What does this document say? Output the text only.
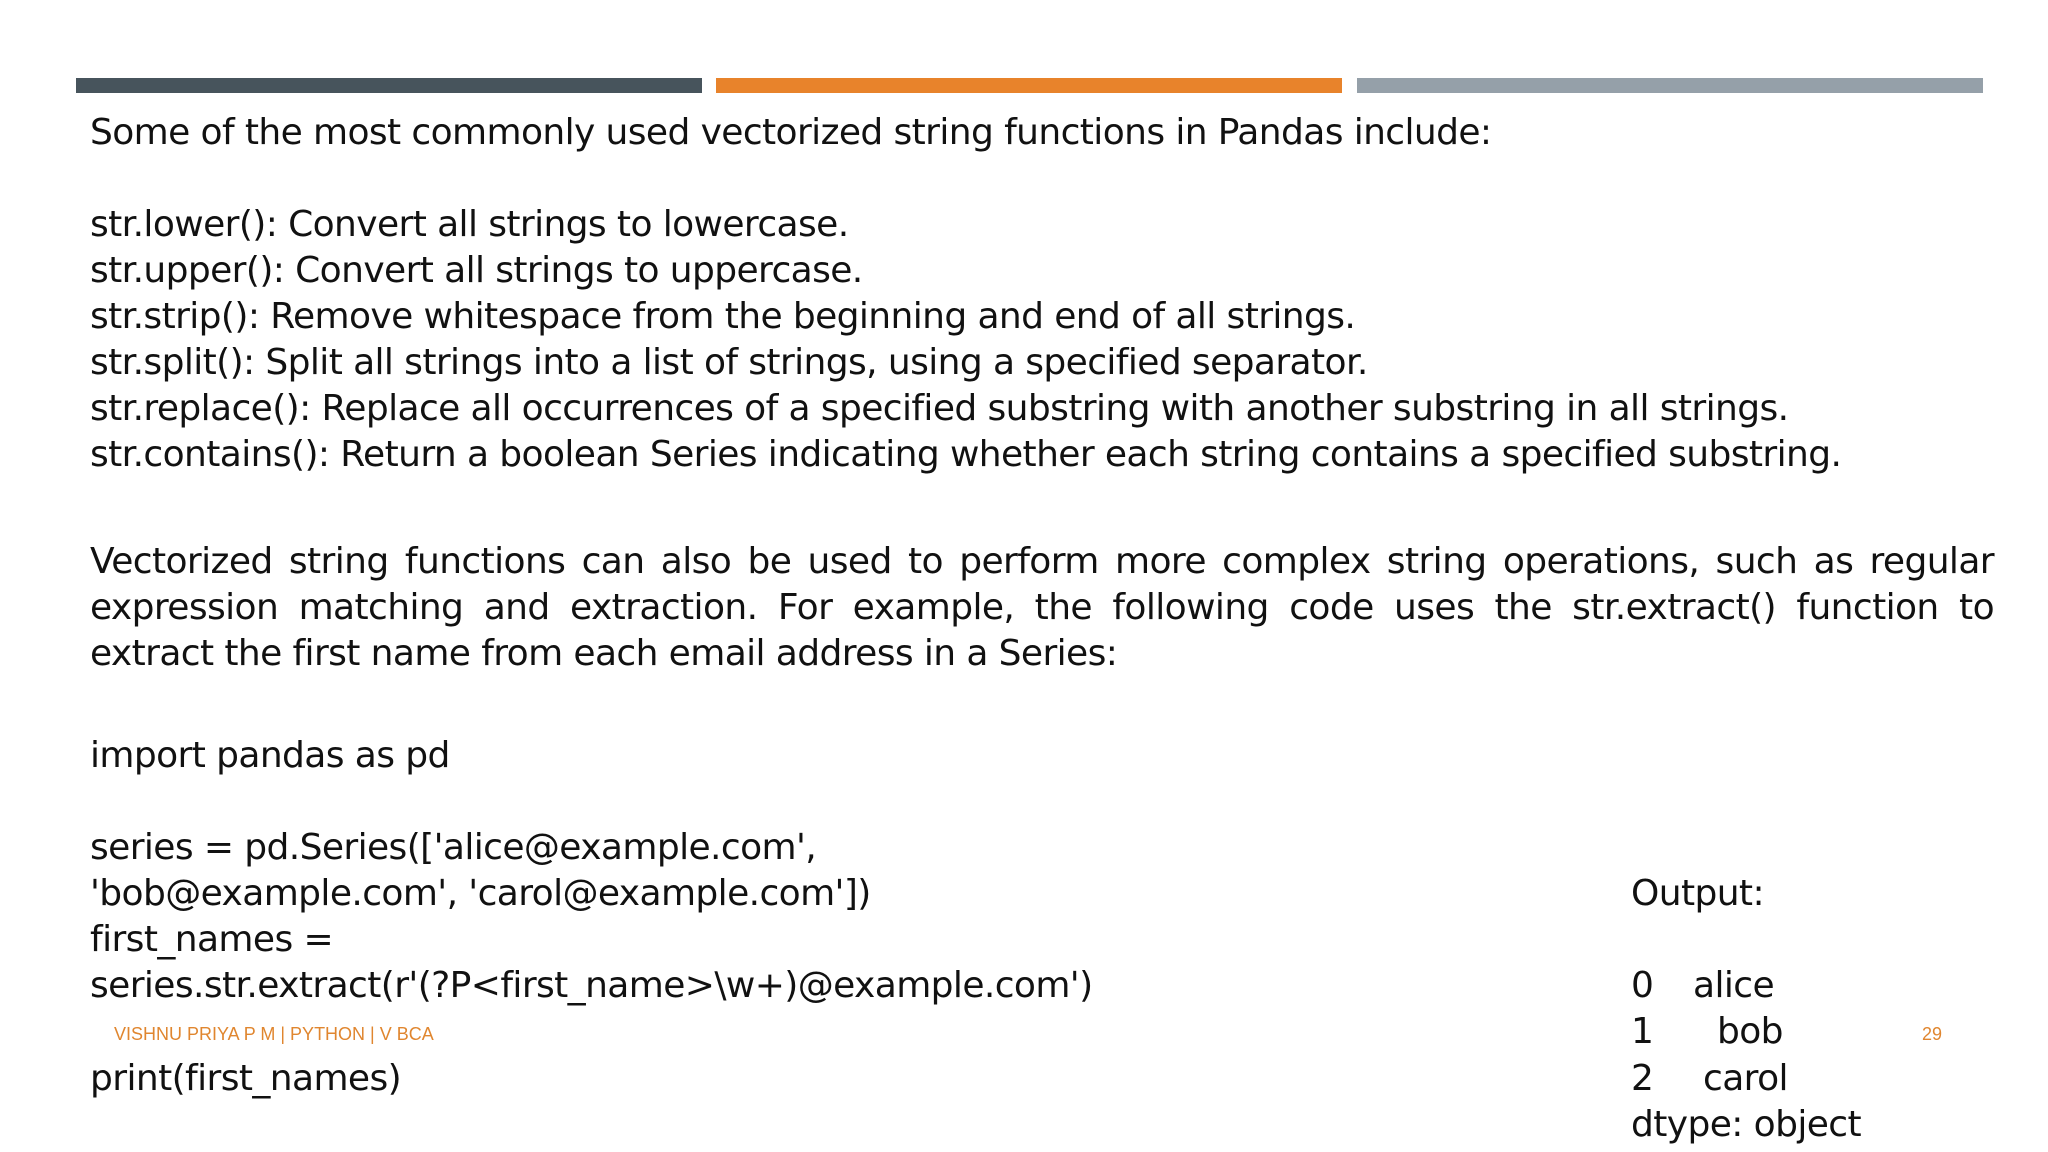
Some of the most commonly used vectorized string functions in Pandas include:
str.lower(): Convert all strings to lowercase.
str.upper(): Convert all strings to uppercase.
str.strip(): Remove whitespace from the beginning and end of all strings.
str.split(): Split all strings into a list of strings, using a specified separator.
str.replace(): Replace all occurrences of a specified substring with another substring in all strings.
str.contains(): Return a boolean Series indicating whether each string contains a specified substring.
Vectorized string functions can also be used to perform more complex string operations, such as regular expression matching and extraction. For example, the following code uses the str.extract() function to extract the first name from each email address in a Series:
import pandas as pd
series = pd.Series(['alice@example.com',
'bob@example.com', 'carol@example.com'])
first_names =
series.str.extract(r'(?P<first_name>\w+)@example.com')
print(first_names)
Output:
0 alice
1 bob
2 carol
dtype: object
VISHNU PRIYA P M | PYTHON | V BCA	29
